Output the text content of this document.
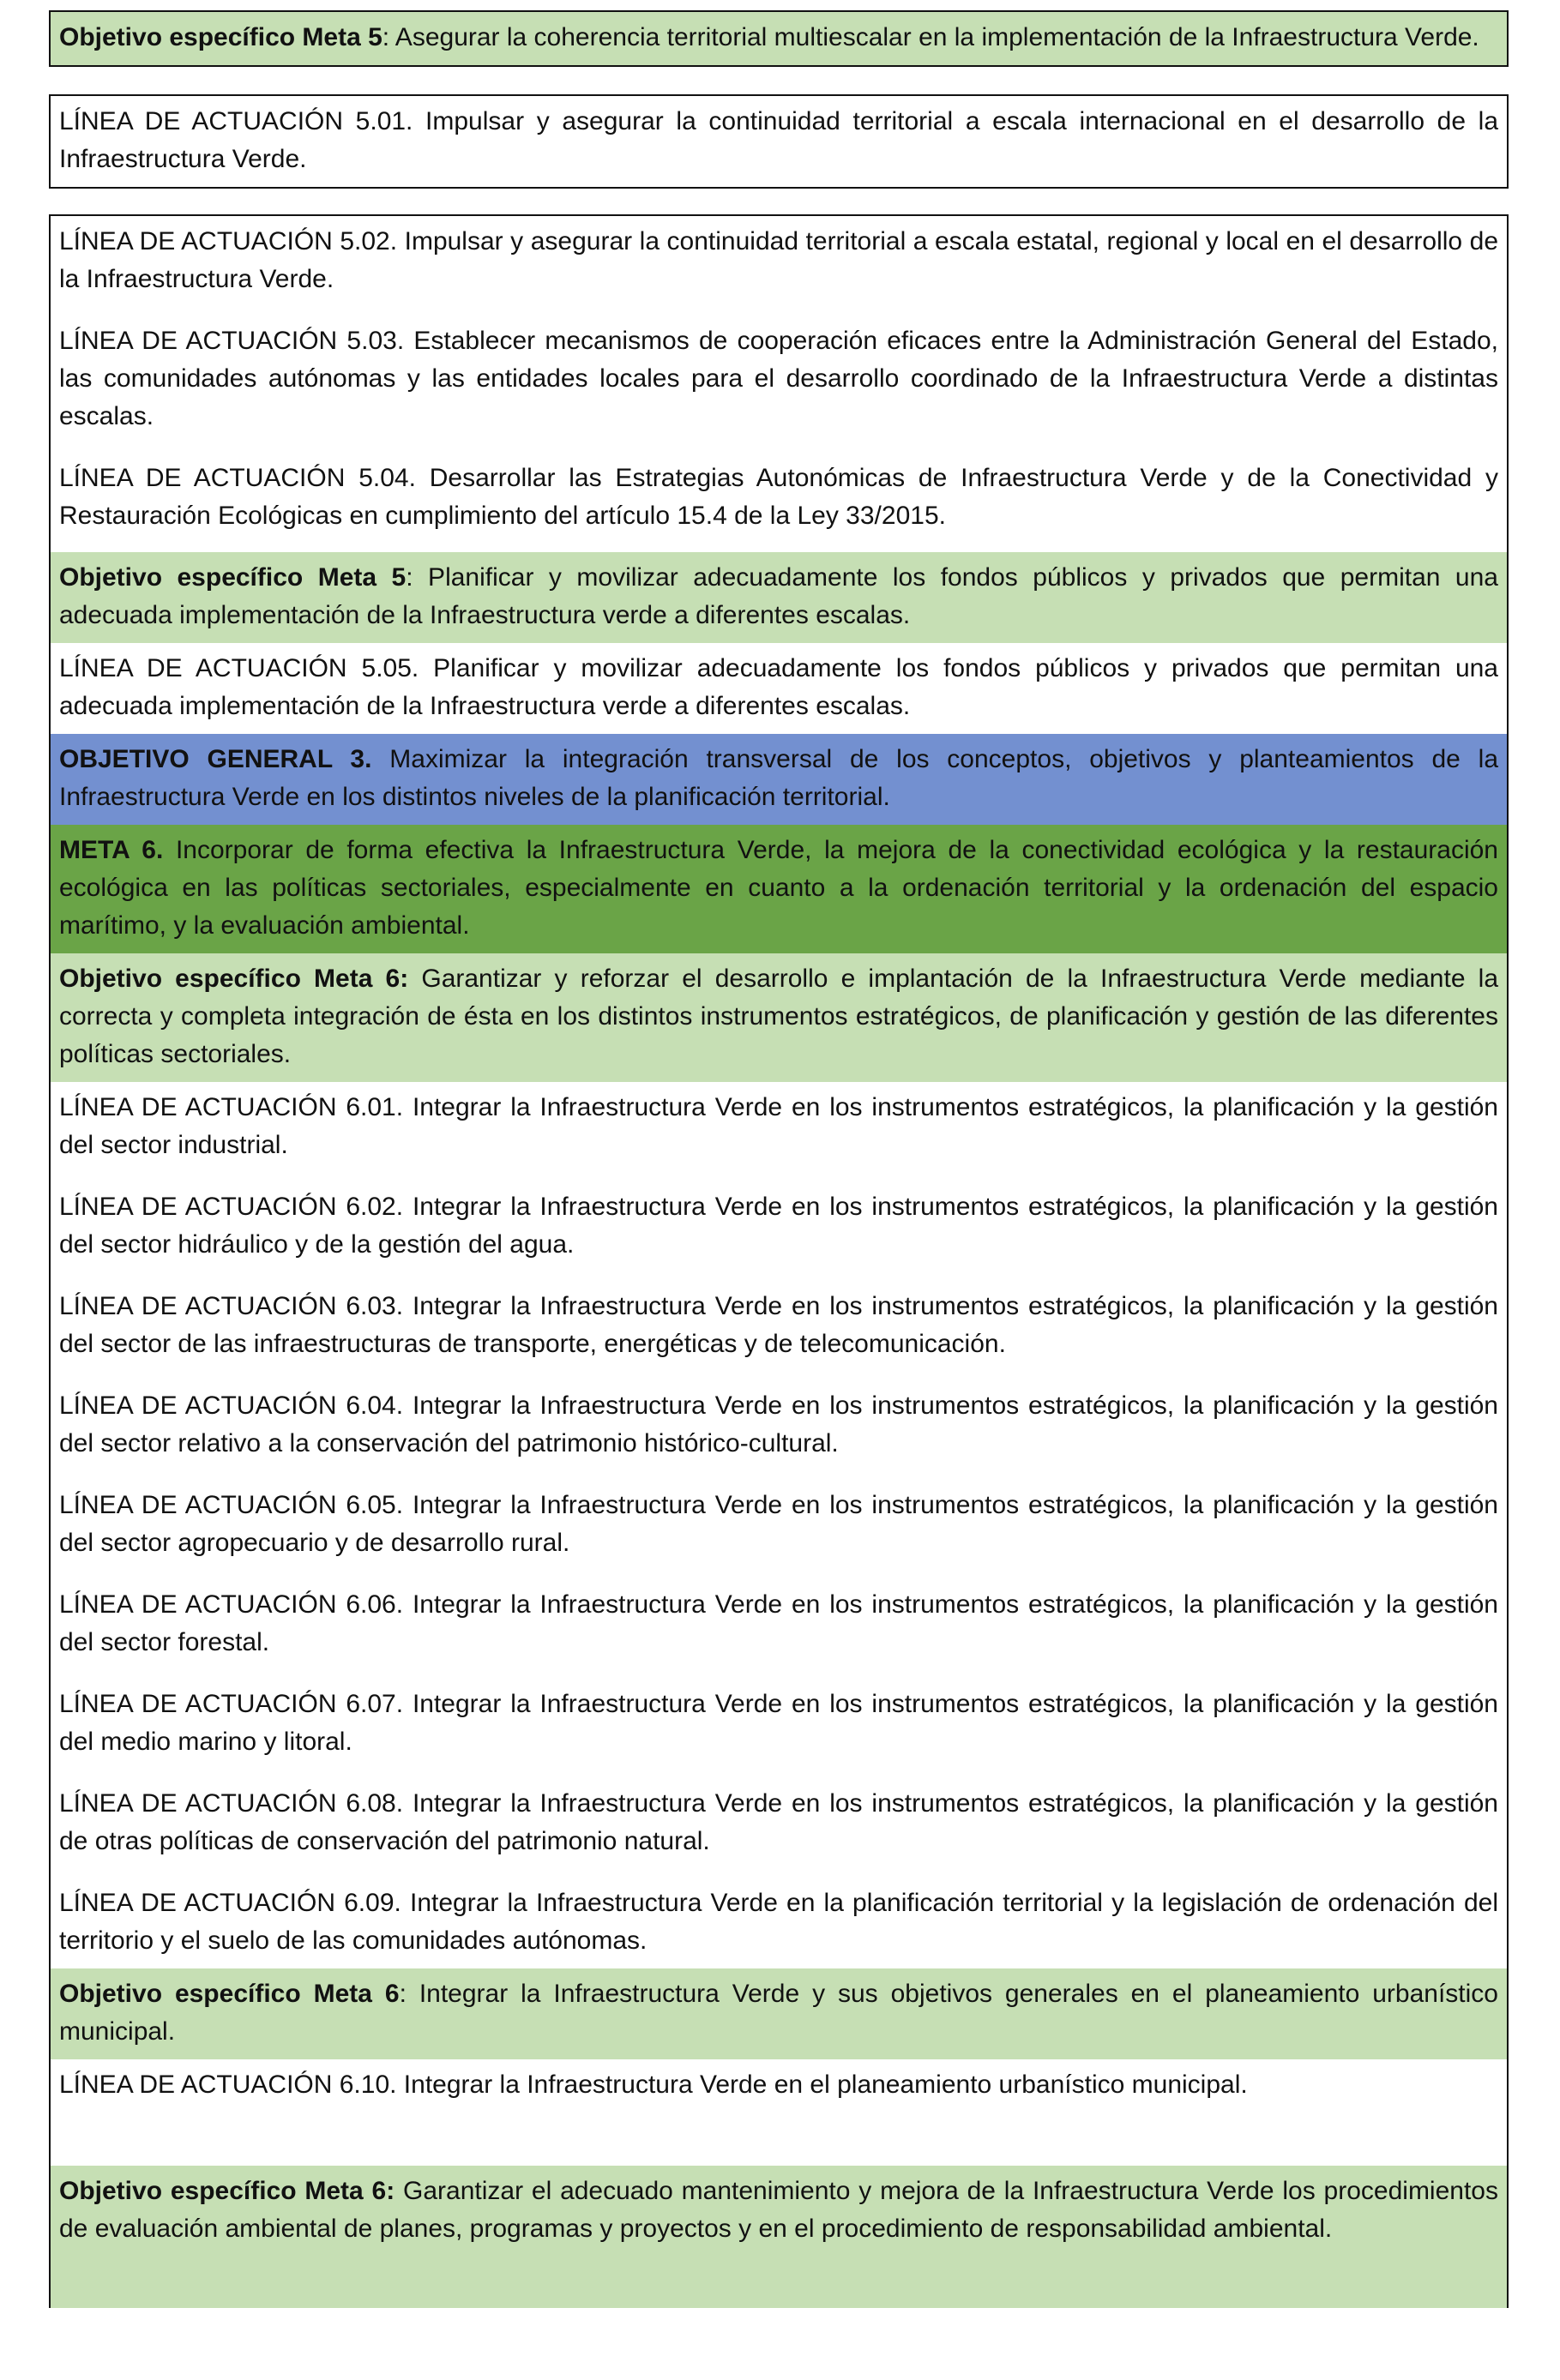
Objetivo específico Meta 5: Asegurar la coherencia territorial multiescalar en la implementación de la Infraestructura Verde.
LÍNEA DE ACTUACIÓN 5.01. Impulsar y asegurar la continuidad territorial a escala internacional en el desarrollo de la Infraestructura Verde.
LÍNEA DE ACTUACIÓN 5.02. Impulsar y asegurar la continuidad territorial a escala estatal, regional y local en el desarrollo de la Infraestructura Verde.
LÍNEA DE ACTUACIÓN 5.03. Establecer mecanismos de cooperación eficaces entre la Administración General del Estado, las comunidades autónomas y las entidades locales para el desarrollo coordinado de la Infraestructura Verde a distintas escalas.
LÍNEA DE ACTUACIÓN 5.04. Desarrollar las Estrategias Autonómicas de Infraestructura Verde y de la Conectividad y Restauración Ecológicas en cumplimiento del artículo 15.4 de la Ley 33/2015.
Objetivo específico Meta 5: Planificar y movilizar adecuadamente los fondos públicos y privados que permitan una adecuada implementación de la Infraestructura verde a diferentes escalas.
LÍNEA DE ACTUACIÓN 5.05. Planificar y movilizar adecuadamente los fondos públicos y privados que permitan una adecuada implementación de la Infraestructura verde a diferentes escalas.
OBJETIVO GENERAL 3. Maximizar la integración transversal de los conceptos, objetivos y planteamientos de la Infraestructura Verde en los distintos niveles de la planificación territorial.
META 6. Incorporar de forma efectiva la Infraestructura Verde, la mejora de la conectividad ecológica y la restauración ecológica en las políticas sectoriales, especialmente en cuanto a la ordenación territorial y la ordenación del espacio marítimo, y la evaluación ambiental.
Objetivo específico Meta 6: Garantizar y reforzar el desarrollo e implantación de la Infraestructura Verde mediante la correcta y completa integración de ésta en los distintos instrumentos estratégicos, de planificación y gestión de las diferentes políticas sectoriales.
LÍNEA DE ACTUACIÓN 6.01. Integrar la Infraestructura Verde en los instrumentos estratégicos, la planificación y la gestión del sector industrial.
LÍNEA DE ACTUACIÓN 6.02. Integrar la Infraestructura Verde en los instrumentos estratégicos, la planificación y la gestión del sector hidráulico y de la gestión del agua.
LÍNEA DE ACTUACIÓN 6.03. Integrar la Infraestructura Verde en los instrumentos estratégicos, la planificación y la gestión del sector de las infraestructuras de transporte, energéticas y de telecomunicación.
LÍNEA DE ACTUACIÓN 6.04. Integrar la Infraestructura Verde en los instrumentos estratégicos, la planificación y la gestión del sector relativo a la conservación del patrimonio histórico-cultural.
LÍNEA DE ACTUACIÓN 6.05. Integrar la Infraestructura Verde en los instrumentos estratégicos, la planificación y la gestión del sector agropecuario y de desarrollo rural.
LÍNEA DE ACTUACIÓN 6.06. Integrar la Infraestructura Verde en los instrumentos estratégicos, la planificación y la gestión del sector forestal.
LÍNEA DE ACTUACIÓN 6.07. Integrar la Infraestructura Verde en los instrumentos estratégicos, la planificación y la gestión del medio marino y litoral.
LÍNEA DE ACTUACIÓN 6.08. Integrar la Infraestructura Verde en los instrumentos estratégicos, la planificación y la gestión de otras políticas de conservación del patrimonio natural.
LÍNEA DE ACTUACIÓN 6.09. Integrar la Infraestructura Verde en la planificación territorial y la legislación de ordenación del territorio y el suelo de las comunidades autónomas.
Objetivo específico Meta 6: Integrar la Infraestructura Verde y sus objetivos generales en el planeamiento urbanístico municipal.
LÍNEA DE ACTUACIÓN 6.10. Integrar la Infraestructura Verde en el planeamiento urbanístico municipal.
Objetivo específico Meta 6: Garantizar el adecuado mantenimiento y mejora de la Infraestructura Verde los procedimientos de evaluación ambiental de planes, programas y proyectos y en el procedimiento de responsabilidad ambiental.
